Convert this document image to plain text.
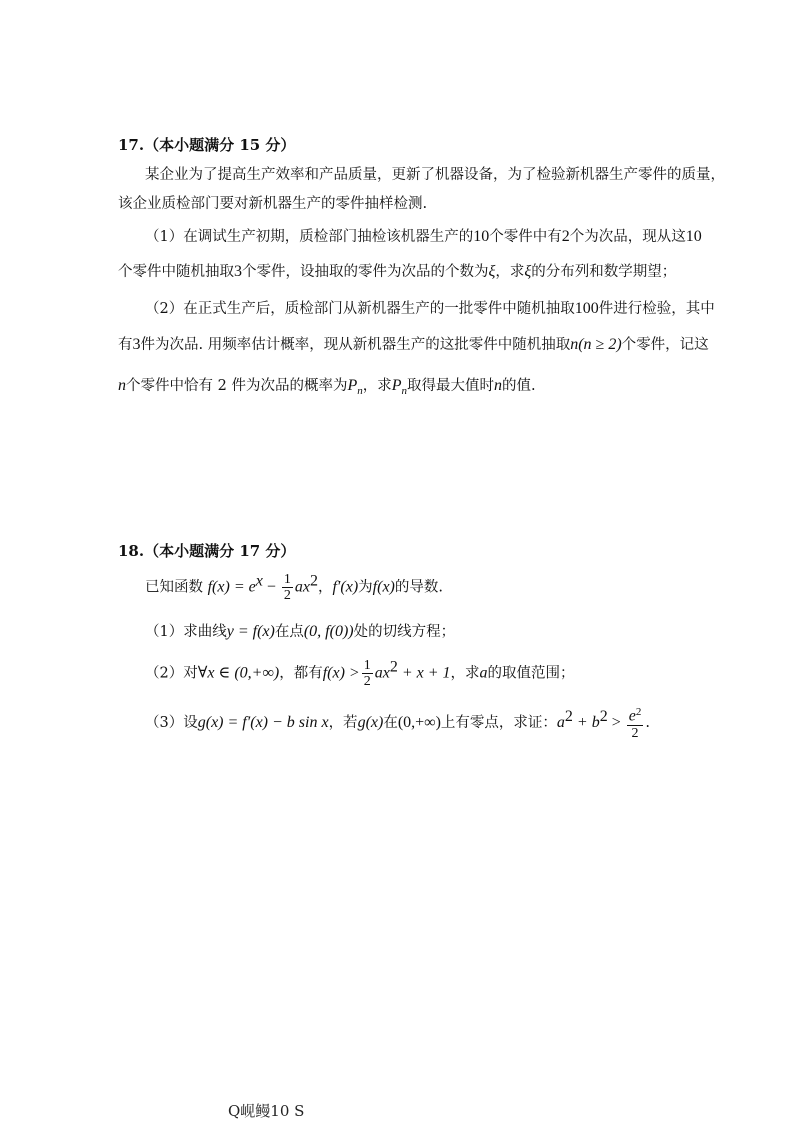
17.（本小题满分 15 分）
某企业为了提高生产效率和产品质量，更新了机器设备，为了检验新机器生产零件的质量，
该企业质检部门要对新机器生产的零件抽样检测.
（1）在调试生产初期，质检部门抽检该机器生产的10个零件中有2个为次品，现从这10
个零件中随机抽取3个零件，设抽取的零件为次品的个数为ξ，求ξ的分布列和数学期望；
（2）在正式生产后，质检部门从新机器生产的一批零件中随机抽取100件进行检验，其中
有3件为次品. 用频率估计概率，现从新机器生产的这批零件中随机抽取n(n ≥ 2)个零件，记这
n个零件中恰有 2 件为次品的概率为$P_n$，求$P_n$取得最大值时n的值.
18.（本小题满分 17 分）
已知函数 $f(x) = e^x - \frac{1}{2} ax^2$，f′(x)为f(x)的导数.
（1）求曲线y = f(x)在点(0, f(0))处的切线方程；
（2）对∀x ∈ (0,+∞)，都有$f(x) > \frac{1}{2} ax^2 + x + 1$，求a的取值范围；
（3）设g(x) = f′(x) − b sin x，若g(x)在(0,+∞)上有零点，求证：$a^2 + b^2 > \frac{e^2}{2}$ .
Q岘鳗10 S
